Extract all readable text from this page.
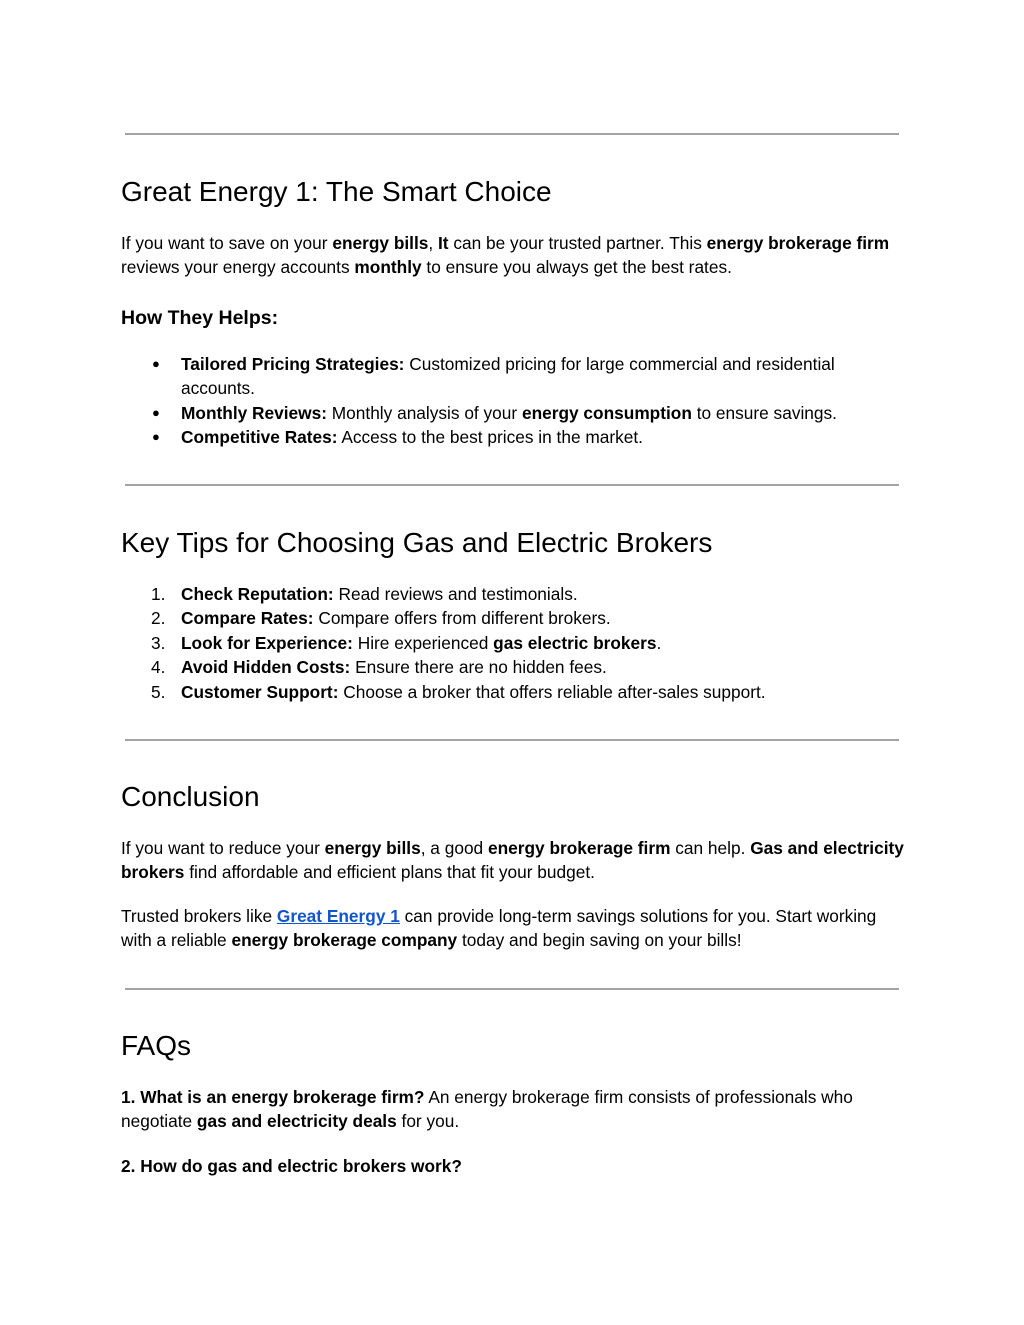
Great Energy 1: The Smart Choice

If you want to save on your energy bills, It can be your trusted partner. This energy brokerage firm reviews your energy accounts monthly to ensure you always get the best rates.

How They Helps:
● Tailored Pricing Strategies: Customized pricing for large commercial and residential accounts.
● Monthly Reviews: Monthly analysis of your energy consumption to ensure savings.
● Competitive Rates: Access to the best prices in the market.
Key Tips for Choosing Gas and Electric Brokers
1. Check Reputation: Read reviews and testimonials.
2. Compare Rates: Compare offers from different brokers.
3. Look for Experience: Hire experienced gas electric brokers.
4. Avoid Hidden Costs: Ensure there are no hidden fees.
5. Customer Support: Choose a broker that offers reliable after-sales support.
Conclusion

If you want to reduce your energy bills, a good energy brokerage firm can help. Gas and electricity brokers find affordable and efficient plans that fit your budget.

Trusted brokers like Great Energy 1 can provide long-term savings solutions for you. Start working with a reliable energy brokerage company today and begin saving on your bills!

FAQs

1. What is an energy brokerage firm? An energy brokerage firm consists of professionals who negotiate gas and electricity deals for you.

2. How do gas and electric brokers work?
